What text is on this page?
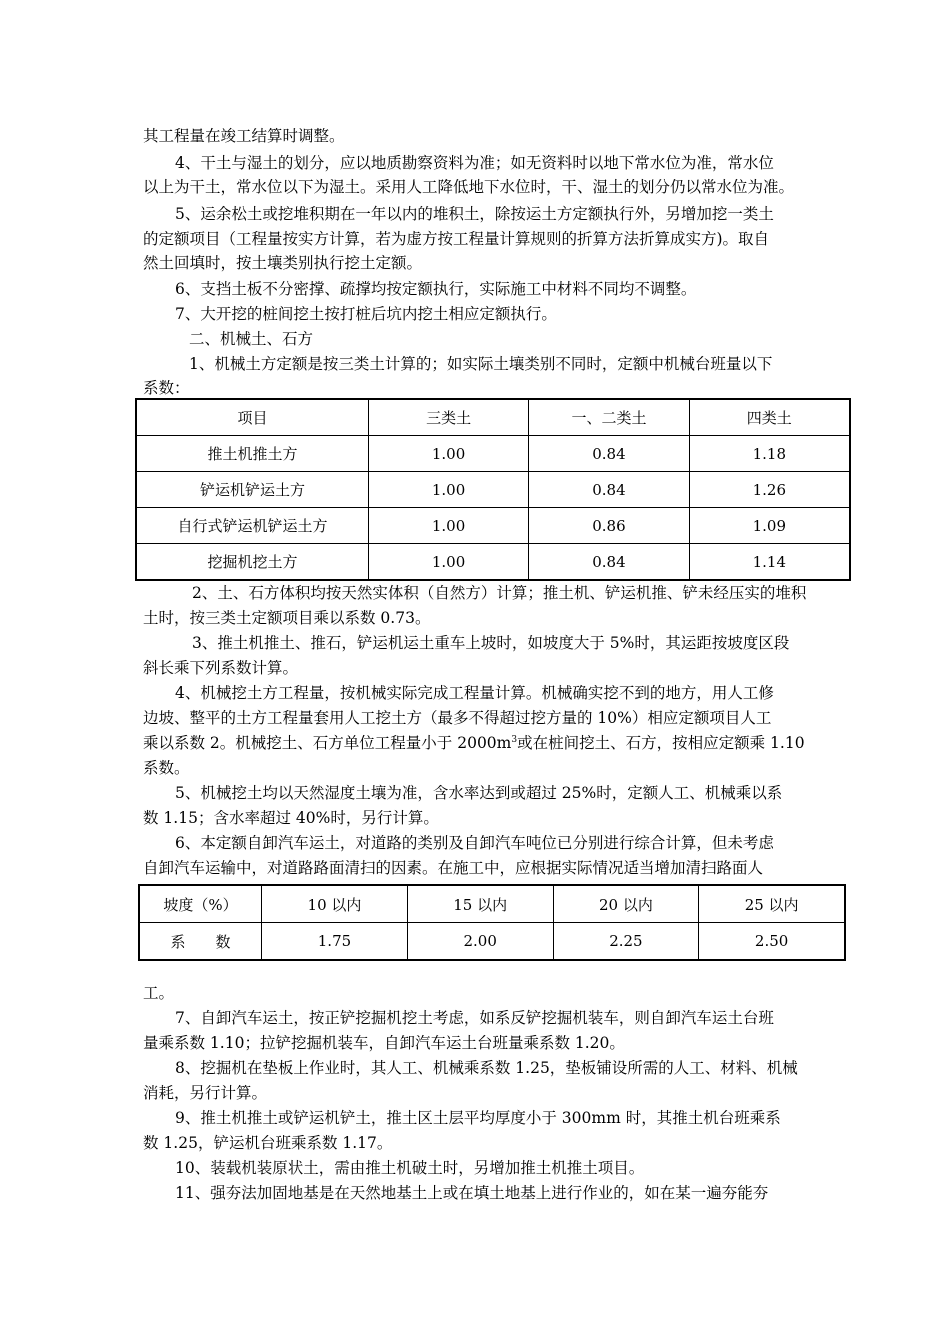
其工程量在竣工结算时调整。
4、干土与湿土的划分，应以地质勘察资料为准；如无资料时以地下常水位为准，常水位
以上为干土，常水位以下为湿土。采用人工降低地下水位时，干、湿土的划分仍以常水位为准。
5、运余松土或挖堆积期在一年以内的堆积土，除按运土方定额执行外，另增加挖一类土
的定额项目（工程量按实方计算，若为虚方按工程量计算规则的折算方法折算成实方)。取自
然土回填时，按土壤类别执行挖土定额。
6、支挡土板不分密撑、疏撑均按定额执行，实际施工中材料不同均不调整。
7、大开挖的桩间挖土按打桩后坑内挖土相应定额执行。
二、机械土、石方
1、机械土方定额是按三类土计算的；如实际土壤类别不同时，定额中机械台班量以下
系数：
项目	三类土	一、二类土	四类土
推土机推土方	1.00	0.84	1.18
铲运机铲运土方	1.00	0.84	1.26
自行式铲运机铲运土方	1.00	0.86	1.09
挖掘机挖土方	1.00	0.84	1.14
2、土、石方体积均按天然实体积（自然方）计算；推土机、铲运机推、铲未经压实的堆积
土时，按三类土定额项目乘以系数 0.73。
3、推土机推土、推石，铲运机运土重车上坡时，如坡度大于 5%时，其运距按坡度区段
斜长乘下列系数计算。
4、机械挖土方工程量，按机械实际完成工程量计算。机械确实挖不到的地方，用人工修
边坡、整平的土方工程量套用人工挖土方（最多不得超过挖方量的 10%）相应定额项目人工
乘以系数 2。机械挖土、石方单位工程量小于 $2000m^3$或在桩间挖土、石方，按相应定额乘 1.10
系数。
5、机械挖土均以天然湿度土壤为准，含水率达到或超过 25%时，定额人工、机械乘以系
数 1.15；含水率超过 40%时，另行计算。
6、本定额自卸汽车运土，对道路的类别及自卸汽车吨位已分别进行综合计算，但未考虑
自卸汽车运输中，对道路路面清扫的因素。在施工中，应根据实际情况适当增加清扫路面人
坡度（%）	10 以内	15 以内	20 以内	25 以内
系　　数	1.75	2.00	2.25	2.50
工。
7、自卸汽车运土，按正铲挖掘机挖土考虑，如系反铲挖掘机装车，则自卸汽车运土台班
量乘系数 1.10；拉铲挖掘机装车，自卸汽车运土台班量乘系数 1.20。
8、挖掘机在垫板上作业时，其人工、机械乘系数 1.25，垫板铺设所需的人工、材料、机械
消耗，另行计算。
9、推土机推土或铲运机铲土，推土区土层平均厚度小于 300mm 时，其推土机台班乘系
数 1.25，铲运机台班乘系数 1.17。
10、装载机装原状土，需由推土机破土时，另增加推土机推土项目。
11、强夯法加固地基是在天然地基土上或在填土地基上进行作业的，如在某一遍夯能夯
